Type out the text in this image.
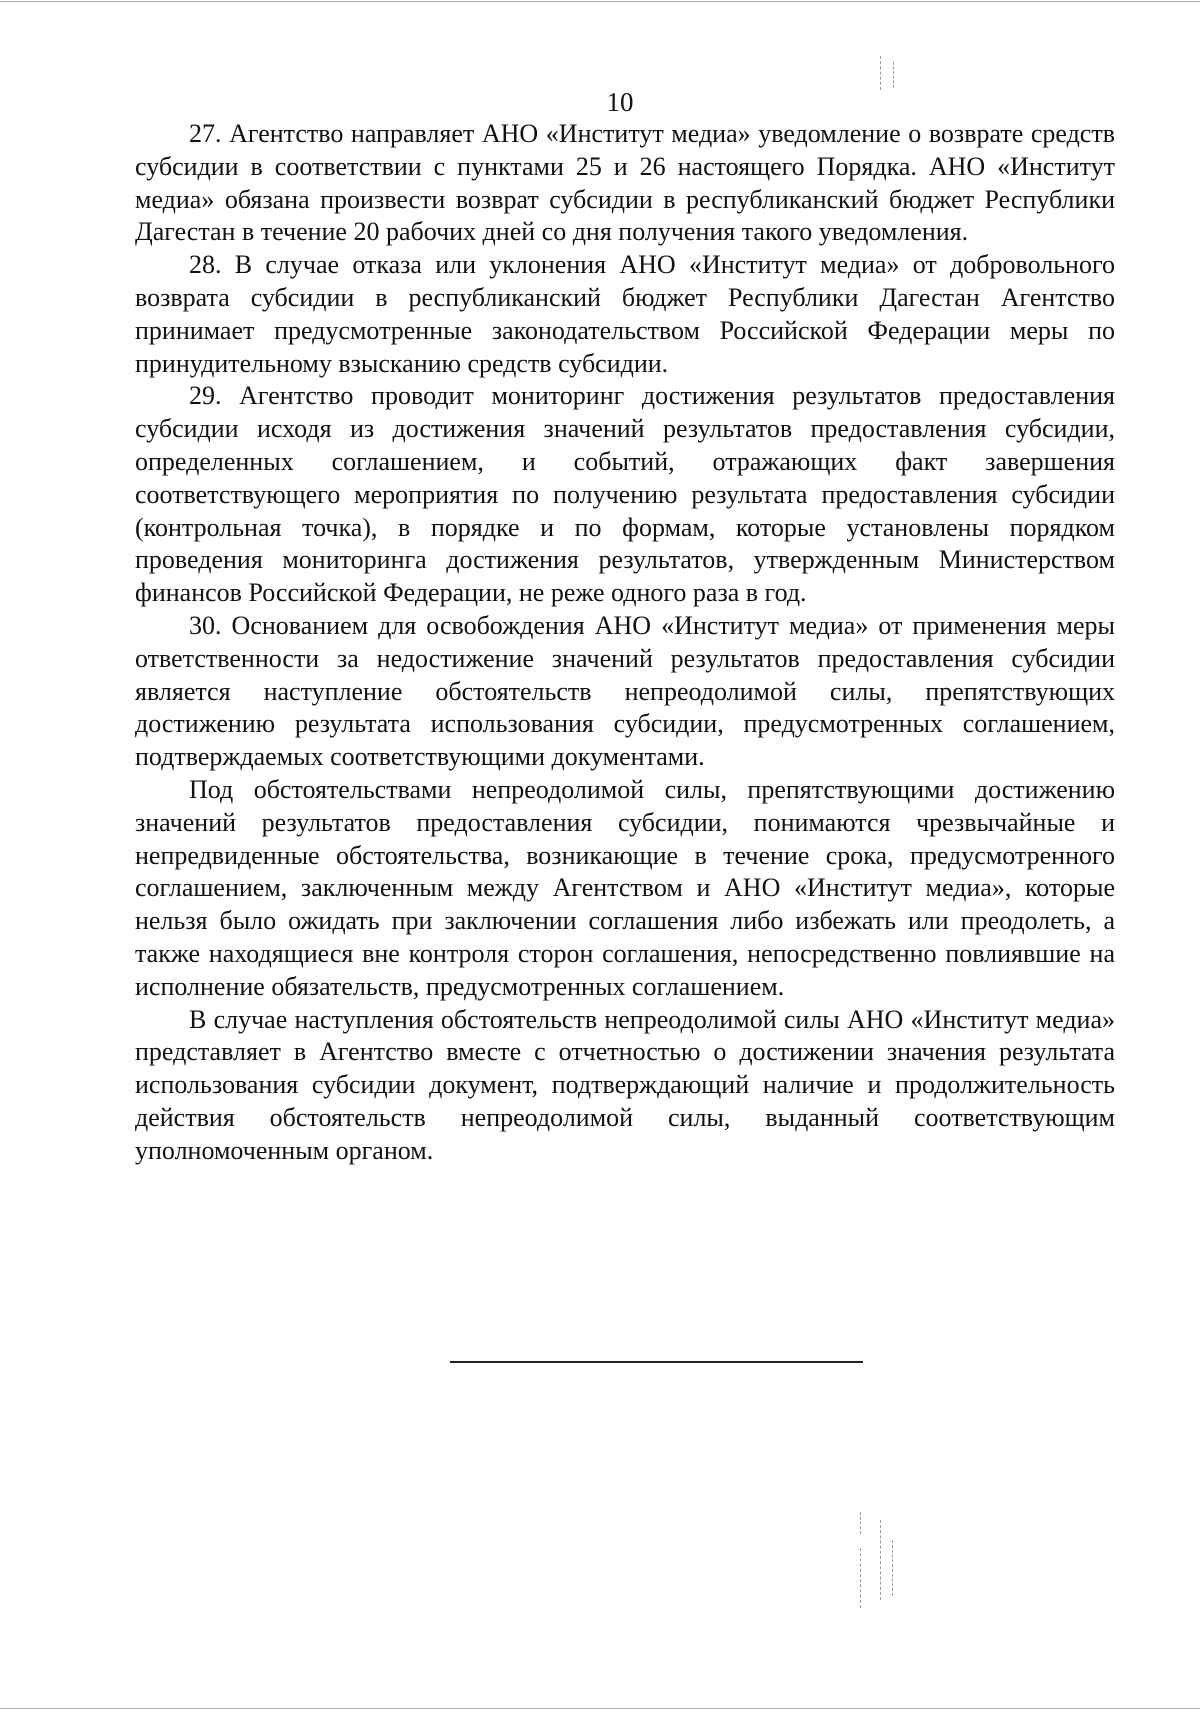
10

27. Агентство направляет АНО «Институт медиа» уведомление о возврате средств субсидии в соответствии с пунктами 25 и 26 настоящего Порядка. АНО «Институт медиа» обязана произвести возврат субсидии в республиканский бюджет Республики Дагестан в течение 20 рабочих дней со дня получения такого уведомления.

28. В случае отказа или уклонения АНО «Институт медиа» от добровольного возврата субсидии в республиканский бюджет Республики Дагестан Агентство принимает предусмотренные законодательством Российской Федерации меры по принудительному взысканию средств субсидии.

29. Агентство проводит мониторинг достижения результатов предоставления субсидии исходя из достижения значений результатов предоставления субсидии, определенных соглашением, и событий, отражающих факт завершения соответствующего мероприятия по получению результата предоставления субсидии (контрольная точка), в порядке и по формам, которые установлены порядком проведения мониторинга достижения результатов, утвержденным Министерством финансов Российской Федерации, не реже одного раза в год.

30. Основанием для освобождения АНО «Институт медиа» от применения меры ответственности за недостижение значений результатов предоставления субсидии является наступление обстоятельств непреодолимой силы, препятствующих достижению результата использования субсидии, предусмотренных соглашением, подтверждаемых соответствующими документами.

Под обстоятельствами непреодолимой силы, препятствующими достижению значений результатов предоставления субсидии, понимаются чрезвычайные и непредвиденные обстоятельства, возникающие в течение срока, предусмотренного соглашением, заключенным между Агентством и АНО «Институт медиа», которые нельзя было ожидать при заключении соглашения либо избежать или преодолеть, а также находящиеся вне контроля сторон соглашения, непосредственно повлиявшие на исполнение обязательств, предусмотренных соглашением.

В случае наступления обстоятельств непреодолимой силы АНО «Институт медиа» представляет в Агентство вместе с отчетностью о достижении значения результата использования субсидии документ, подтверждающий наличие и продолжительность действия обстоятельств непреодолимой силы, выданный соответствующим уполномоченным органом.
